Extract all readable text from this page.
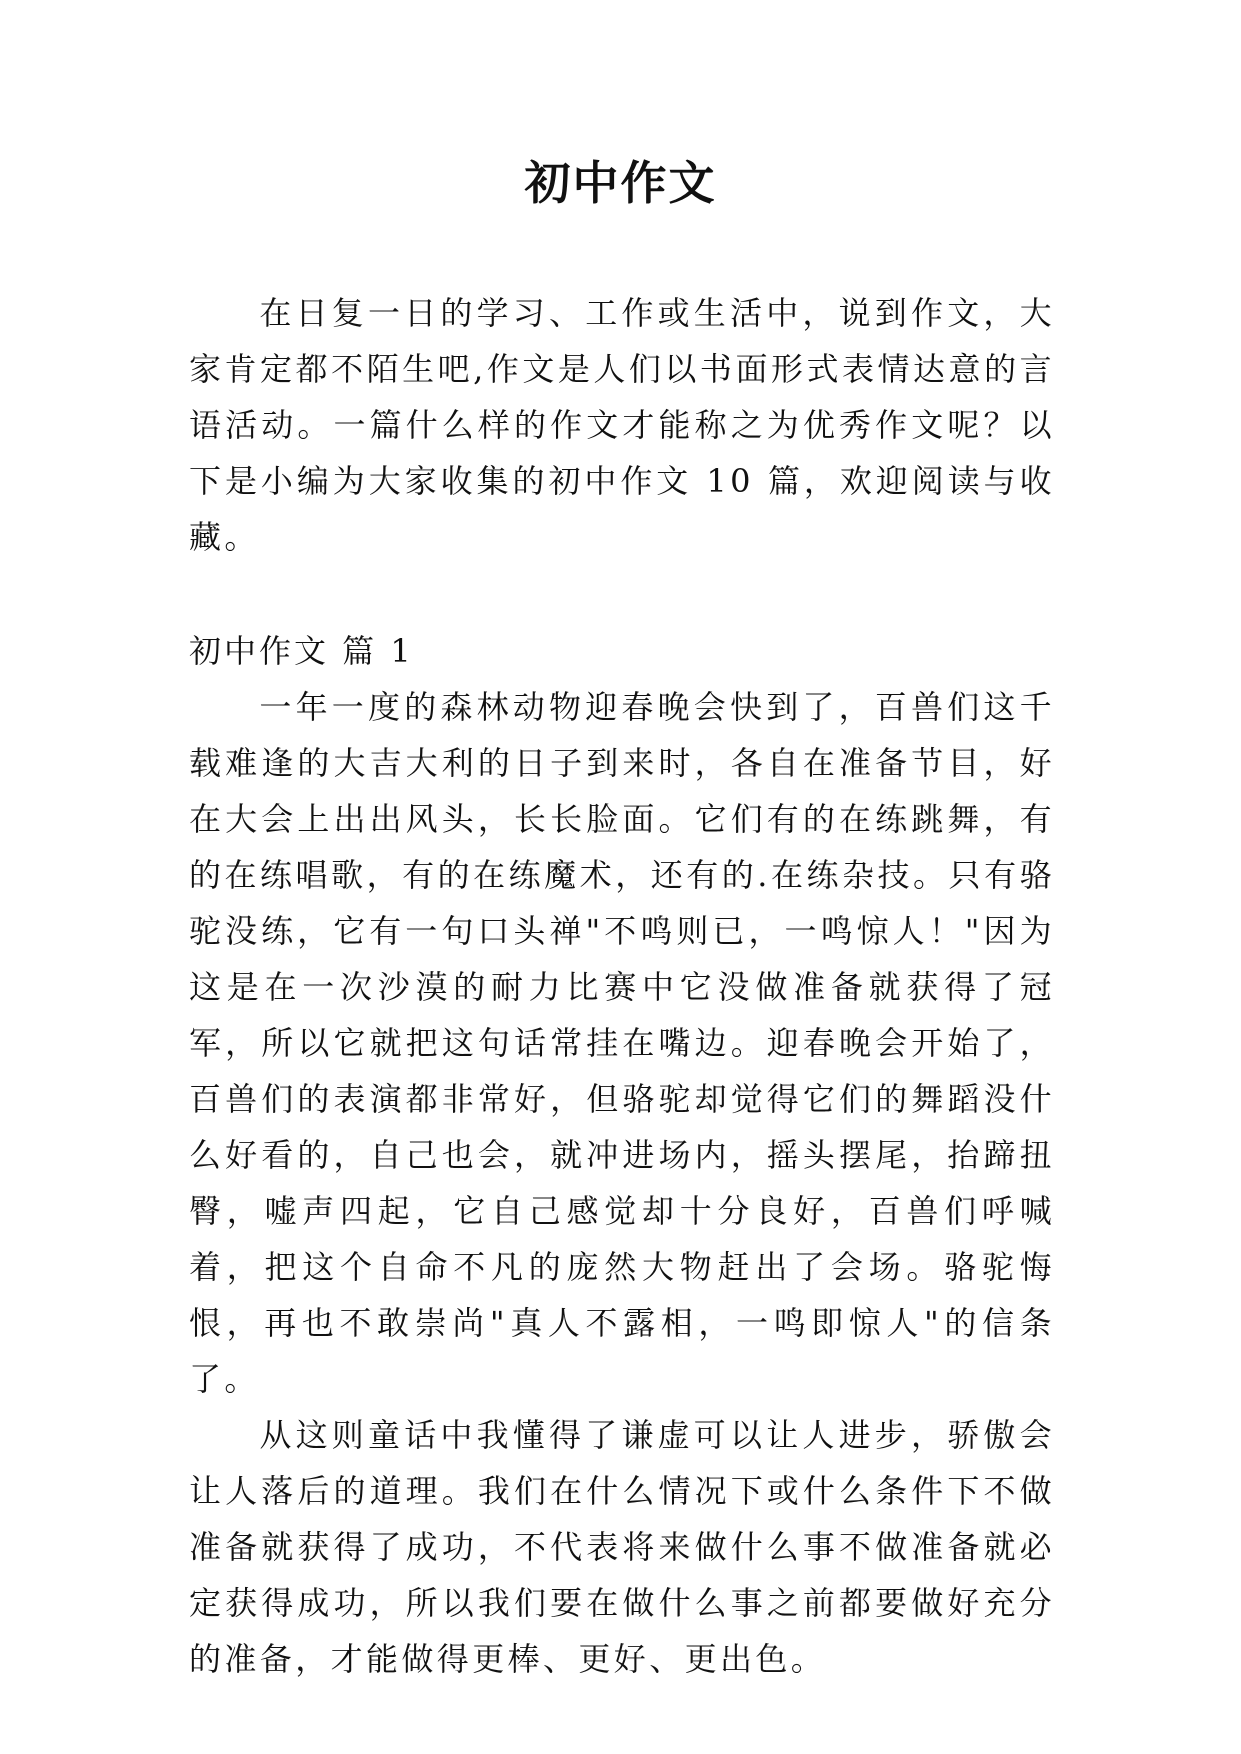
初中作文

在日复一日的学习、工作或生活中，说到作文，大家肯定都不陌生吧,作文是人们以书面形式表情达意的言语活动。一篇什么样的作文才能称之为优秀作文呢？以下是小编为大家收集的初中作文 10 篇，欢迎阅读与收藏。

初中作文 篇 1

一年一度的森林动物迎春晚会快到了，百兽们这千载难逢的大吉大利的日子到来时，各自在准备节目，好在大会上出出风头，长长脸面。它们有的在练跳舞，有的在练唱歌，有的在练魔术，还有的.在练杂技。只有骆驼没练，它有一句口头禅"不鸣则已，一鸣惊人！"因为这是在一次沙漠的耐力比赛中它没做准备就获得了冠军，所以它就把这句话常挂在嘴边。迎春晚会开始了，百兽们的表演都非常好，但骆驼却觉得它们的舞蹈没什么好看的，自己也会，就冲进场内，摇头摆尾，抬蹄扭臀，嘘声四起，它自己感觉却十分良好，百兽们呼喊着，把这个自命不凡的庞然大物赶出了会场。骆驼悔恨，再也不敢崇尚"真人不露相，一鸣即惊人"的信条了。

从这则童话中我懂得了谦虚可以让人进步，骄傲会让人落后的道理。我们在什么情况下或什么条件下不做准备就获得了成功，不代表将来做什么事不做准备就必定获得成功，所以我们要在做什么事之前都要做好充分的准备，才能做得更棒、更好、更出色。
